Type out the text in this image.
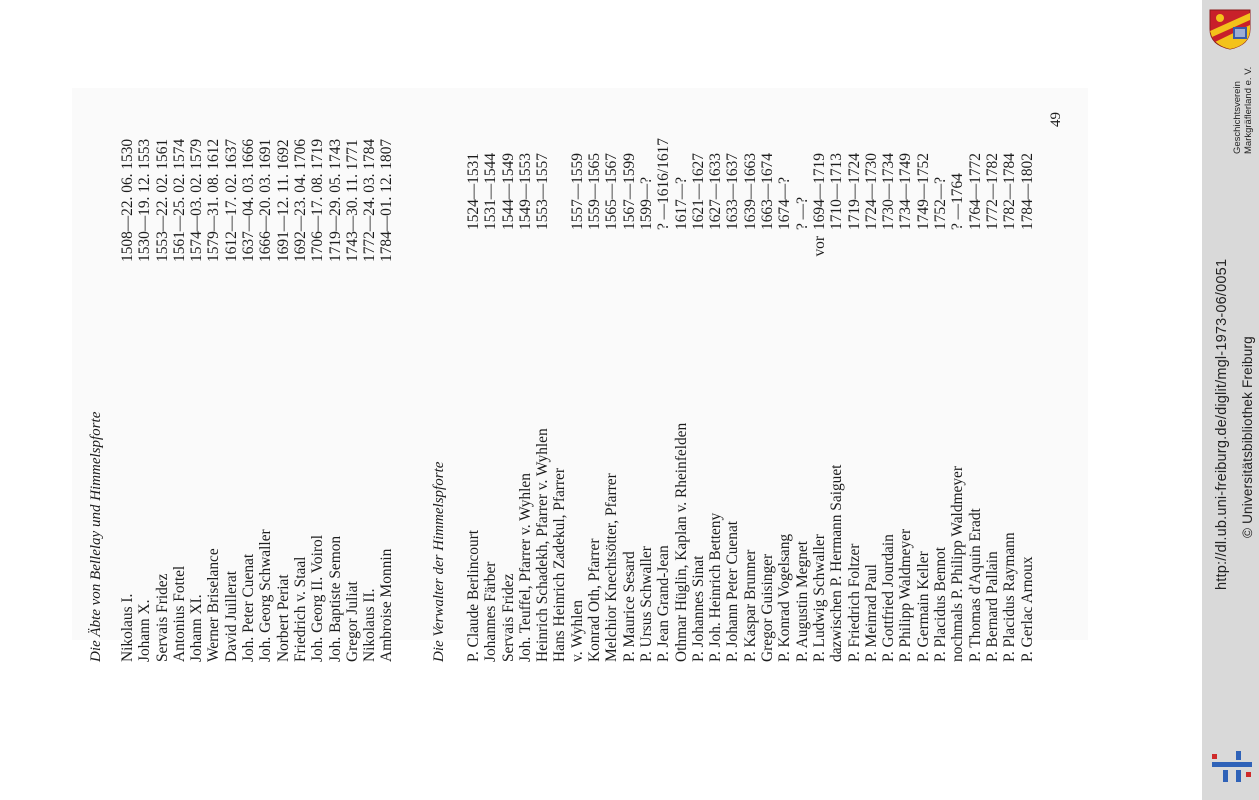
Die Äbte von Bellelay und Himmelspforte Nikolaus I. Johann X. Servais Fridez Antonius Fottel Johann XI. Werner Briselance David Juillerat Joh. Peter Cuenat Joh. Georg Schwaller Norbert Periat Friedrich v. Staal Joh. Georg II. Voirol Joh. Baptiste Semon Gregor Juliat Nikolaus II. Ambroise Monnin
1508—22. 06. 1530 1530—19. 12. 1553 1553—22. 02. 1561 1561—25. 02. 1574 1574—03. 02. 1579 1579—31. 08. 1612 1612—17. 02. 1637 1637—04. 03. 1666 1666—20. 03. 1691 1691—12. 11. 1692 1692—23. 04. 1706 1706—17. 08. 1719 1719—29. 05. 1743 1743—30. 11. 1771 1772—24. 03. 1784 1784—01. 12. 1807
Die Verwalter der Himmelspforte P. Claude Berlincourt Johannes Färber Servais Fridez Joh. Teuffel, Pfarrer v. Wyhlen Heinrich Schadekh, Pfarrer v. Wyhlen Hans Heinrich Zadekul, Pfarrer v. Wyhlen Konrad Oth, Pfarrer Melchior Knechtsötter, Pfarrer P. Maurice Sesard P. Ursus Schwaller P. Jean Grand-Jean Othmar Hüglin, Kaplan v. Rheinfelden P. Johannes Sinat P. Joh. Heinrich Betteny P. Johann Peter Cuenat P. Kaspar Brunner Gregor Guisinger P. Konrad Vogelsang P. Augustin Megnet P. Ludwig Schwaller dazwischen P. Hermann Saiguet P. Friedrich Foltzer P. Meinrad Paul P. Gottfried Jourdain P. Philipp Waldmeyer P. Germain Keller P. Placidus Bennot nochmals P. Philipp Waldmeyer P. Thomas d'Aquin Eradt P. Bernard Pallain P. Placidus Raymann P. Gerlac Arnoux
vor
1524—1531 1531—1544 1544—1549 1549—1553 1553—1557 1557—1559 1559—1565 1565—1567 1567—1599 1599—? ? —1616/1617 1617—? 1621—1627 1627—1633 1633—1637 1639—1663 1663—1674 1674—? ? —? 1694—1719 1710—1713 1719—1724 1724—1730 1730—1734 1734—1749 1749—1752 1752—? ? —1764 1764—1772 1772—1782 1782—1784 1784—1802
49	Geschichtsverein Markgräflerland e. V.
http://dl.ub.uni-freiburg.de/diglit/mgl-1973-06/0051 © Universitätsbibliothek Freiburg
